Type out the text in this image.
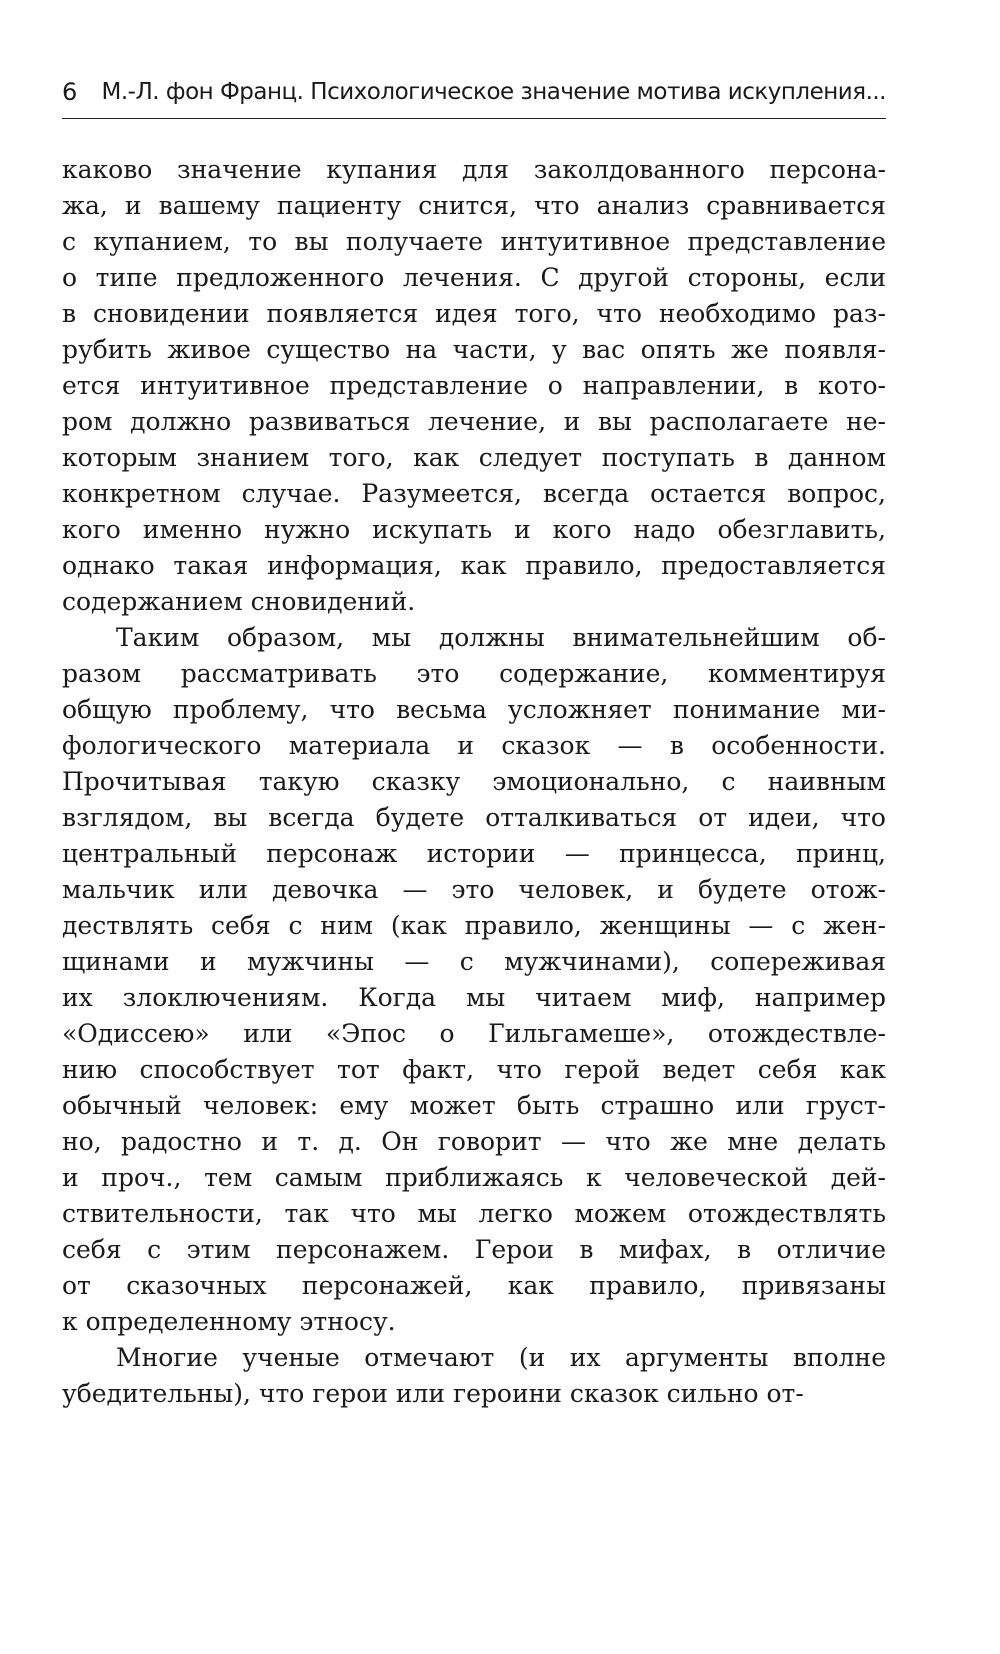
6 М.-Л. фон Франц. Психологическое значение мотива искупления...
каково значение купания для заколдованного персона-
жа, и вашему пациенту снится, что анализ сравнивается
с купанием, то вы получаете интуитивное представление
о типе предложенного лечения. С другой стороны, если
в сновидении появляется идея того, что необходимо раз-
рубить живое существо на части, у вас опять же появля-
ется интуитивное представление о направлении, в кото-
ром должно развиваться лечение, и вы располагаете не-
которым знанием того, как следует поступать в данном
конкретном случае. Разумеется, всегда остается вопрос,
кого именно нужно искупать и кого надо обезглавить,
однако такая информация, как правило, предоставляется
содержанием сновидений.
Таким образом, мы должны внимательнейшим об-
разом рассматривать это содержание, комментируя
общую проблему, что весьма усложняет понимание ми-
фологического материала и сказок — в особенности.
Прочитывая такую сказку эмоционально, с наивным
взглядом, вы всегда будете отталкиваться от идеи, что
центральный персонаж истории — принцесса, принц,
мальчик или девочка — это человек, и будете отож-
дествлять себя с ним (как правило, женщины — с жен-
щинами и мужчины — с мужчинами), сопереживая
их злоключениям. Когда мы читаем миф, например
«Одиссею» или «Эпос о Гильгамеше», отождествле-
нию способствует тот факт, что герой ведет себя как
обычный человек: ему может быть страшно или груст-
но, радостно и т. д. Он говорит — что же мне делать
и проч., тем самым приближаясь к человеческой дей-
ствительности, так что мы легко можем отождествлять
себя с этим персонажем. Герои в мифах, в отличие
от сказочных персонажей, как правило, привязаны
к определенному этносу.
Многие ученые отмечают (и их аргументы вполне
убедительны), что герои или героини сказок сильно от-
